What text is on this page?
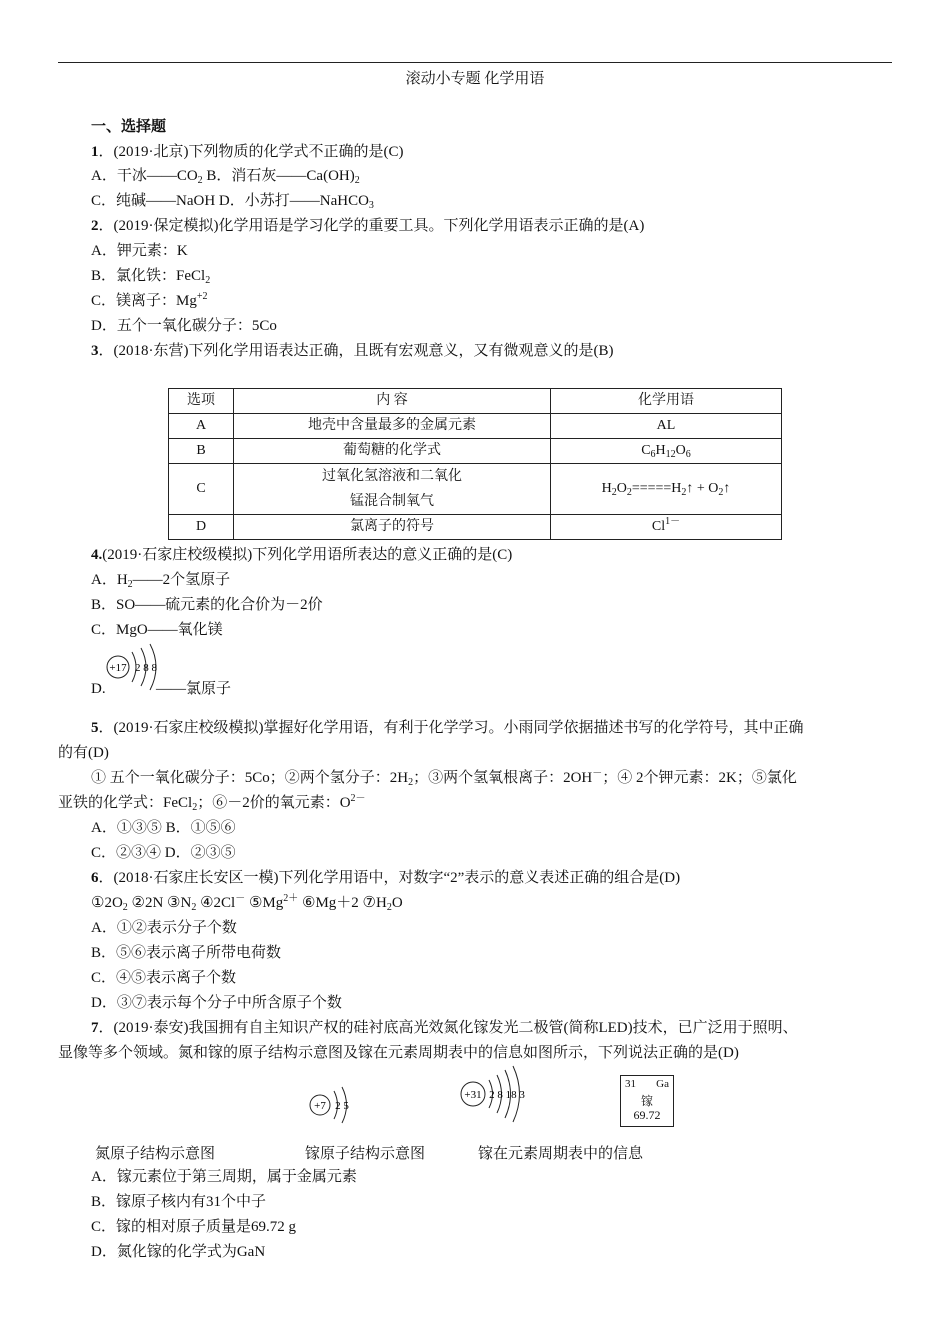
滚动小专题 化学用语
一、选择题
1．(2019·北京)下列物质的化学式不正确的是(C)
A．干冰$——CO_2$ B．消石灰$——Ca(OH)_2$
C．纯碱——NaOH D．小苏打——NaHCO$_3$
2．(2019·保定模拟)化学用语是学习化学的重要工具。下列化学用语表示正确的是(A)
A．钾元素：K
B．氯化铁：FeCl$_2$
C．镁离子：$Mg^{+2}$
D．五个一氧化碳分子：5Co
3．(2018·东营)下列化学用语表达正确，且既有宏观意义，又有微观意义的是(B)
选项	内 容	化学用语
A	地壳中含量最多的金属元素	AL
B	葡萄糖的化学式	$C_6H_{12}O_6$
C	过氧化氢溶液和二氧化
锰混合制氧气	$H_2O_2=====H_2↑$ + $O_2↑$
D	氯离子的符号	$Cl^{1-}$
4.(2019·石家庄校级模拟)下列化学用语所表达的意义正确的是(C)
A．$H_2——2$个氢原子
B．SO——硫元素的化合价为－2价
C．MgO——氧化镁
+17 2 8 8
D.	——氯原子
5．(2019·石家庄校级模拟)掌握好化学用语，有利于化学学习。小雨同学依据描述书写的化学符号，其中正确
的有(D)
① 五个一氧化碳分子：5Co；②两个氢分子：$2H_2$；③两个氢氧根离子：2OH－；④ 2个钾元素：2K；⑤氯化
亚铁的化学式：FeCl$_2$；⑥－2价的氧元素：$O^{2-}$
A．①③⑤ B．①⑤⑥
C．②③④ D．②③⑤
6．(2018·石家庄长安区一模)下列化学用语中，对数字“2”表示的意义表述正确的组合是(D)
$①2O_2$ ②2N $③N_2$ ④2Cl－ $⑤Mg^{2+}$ ⑥Mg＋2 $⑦H_2O$
A．①②表示分子个数
B．⑤⑥表示离子所带电荷数
C．④⑤表示离子个数
D．③⑦表示每个分子中所含原子个数
7．(2019·泰安)我国拥有自主知识产权的硅衬底高光效氮化镓发光二极管(简称LED)技术，已广泛用于照明、
显像等多个领域。氮和镓的原子结构示意图及镓在元素周期表中的信息如图所示，下列说法正确的是(D)
+7 2 5
+31 2 8 18 3
31 Ga
镓
69.72
氮原子结构示意图	镓原子结构示意图	镓在元素周期表中的信息
A．镓元素位于第三周期，属于金属元素
B．镓原子核内有31个中子
C．镓的相对原子质量是69.72 g
D．氮化镓的化学式为GaN
